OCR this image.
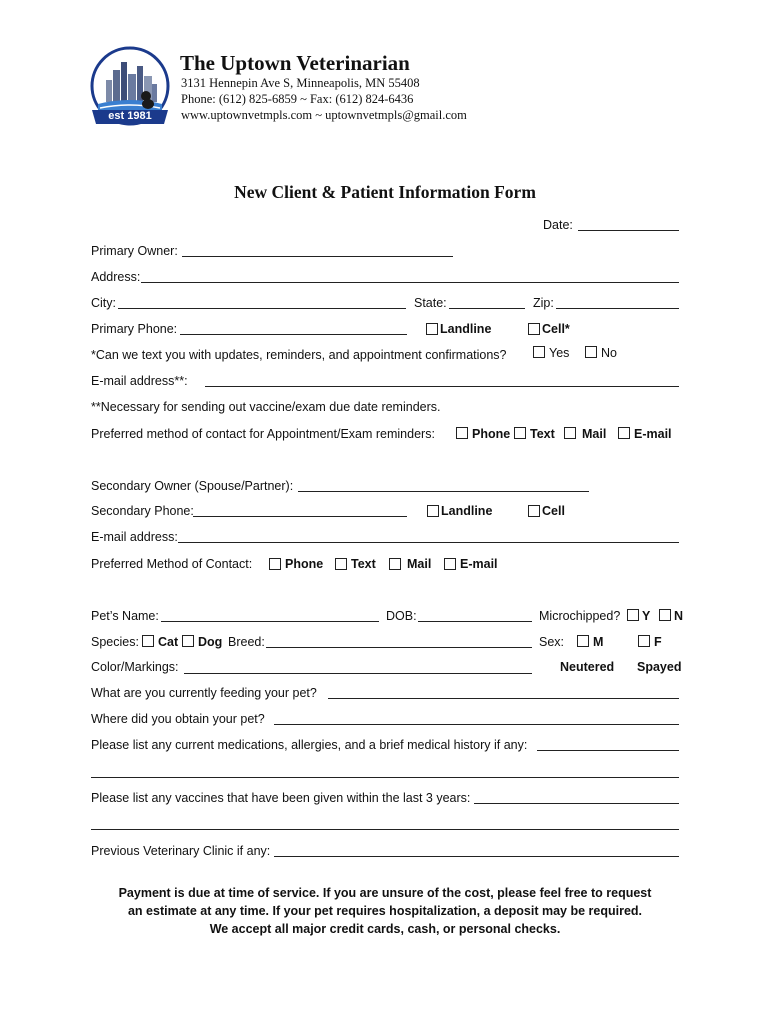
est 1981
The Uptown Veterinarian
3131 Hennepin Ave S, Minneapolis, MN 55408
Phone: (612) 825-6859 ~ Fax: (612) 824-6436
www.uptownvetmpls.com ~ uptownvetmpls@gmail.com
New Client & Patient Information Form
Date:
Primary Owner:
Address:
City:	State:	Zip:
Primary Phone:	Landline	Cell*
*Can we text you with updates, reminders, and appointment confirmations?	Yes	No
E-mail address**:
**Necessary for sending out vaccine/exam due date reminders.
Preferred method of contact for Appointment/Exam reminders:	Phone Text Mail E-mail
Secondary Owner (Spouse/Partner):
Secondary Phone:	Landline	Cell
E-mail address:
Preferred Method of Contact:	Phone Text Mail E-mail
Pet’s Name:	DOB:	Microchipped? Y N
Species: Cat Dog Breed:	Sex: M	F
Color/Markings:	Neutered Spayed
What are you currently feeding your pet?
Where did you obtain your pet?
Please list any current medications, allergies, and a brief medical history if any:
Please list any vaccines that have been given within the last 3 years:
Previous Veterinary Clinic if any:
Payment is due at time of service. If you are unsure of the cost, please feel free to request
an estimate at any time. If your pet requires hospitalization, a deposit may be required.
We accept all major credit cards, cash, or personal checks.
